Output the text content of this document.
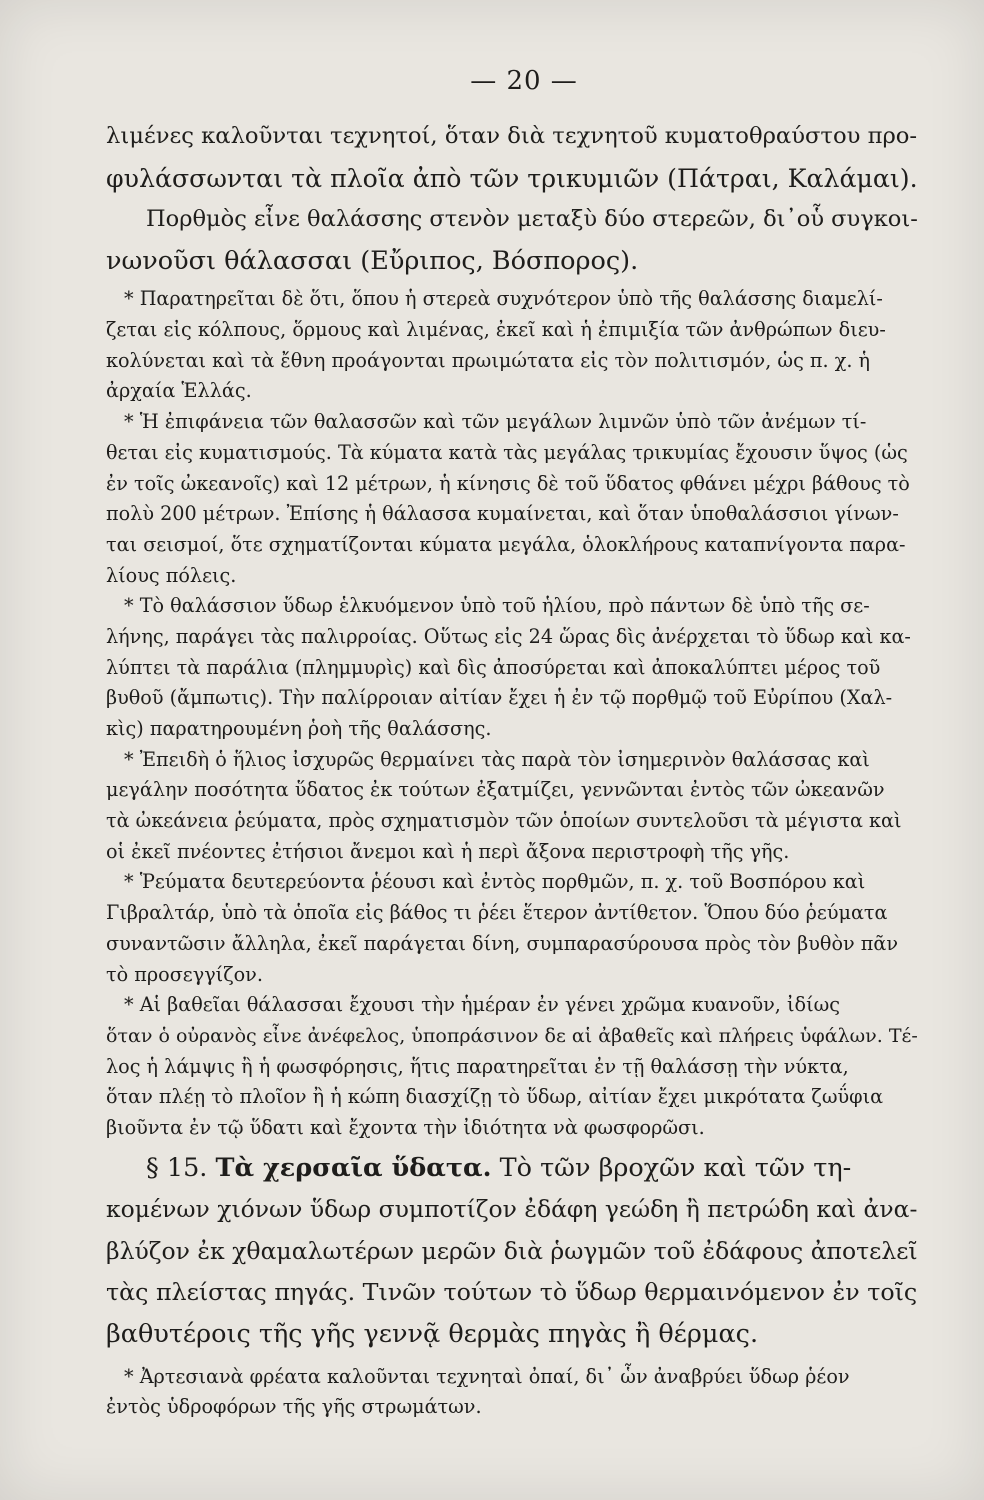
— 20 —
λιμένες καλοῦνται τεχνητοί, ὅταν διὰ τεχνητοῦ κυματοθραύστου προ-
φυλάσσωνται τὰ πλοῖα ἀπὸ τῶν τρικυμιῶν (Πάτραι, Καλάμαι).
Πορθμὸς εἶνε θαλάσσης στενὸν μεταξὺ δύο στερεῶν, δι᾽οὗ συγκοι-
νωνοῦσι θάλασσαι (Εὔριπος, Βόσπορος).
* Παρατηρεῖται δὲ ὅτι, ὅπου ἡ στερεὰ συχνότερον ὑπὸ τῆς θαλάσσης διαμελί-
ζεται εἰς κόλπους, ὅρμους καὶ λιμένας, ἐκεῖ καὶ ἡ ἐπιμιξία τῶν ἀνθρώπων διευ-
κολύνεται καὶ τὰ ἔθνη προάγονται πρωιμώτατα εἰς τὸν πολιτισμόν, ὡς π. χ. ἡ
ἀρχαία Ἑλλάς.
* Ἡ ἐπιφάνεια τῶν θαλασσῶν καὶ τῶν μεγάλων λιμνῶν ὑπὸ τῶν ἀνέμων τί-
θεται εἰς κυματισμούς. Τὰ κύματα κατὰ τὰς μεγάλας τρικυμίας ἔχουσιν ὕψος (ὡς
ἐν τοῖς ὠκεανοῖς) καὶ 12 μέτρων, ἡ κίνησις δὲ τοῦ ὕδατος φθάνει μέχρι βάθους τὸ
πολὺ 200 μέτρων. Ἐπίσης ἡ θάλασσα κυμαίνεται, καὶ ὅταν ὑποθαλάσσιοι γίνων-
ται σεισμοί, ὅτε σχηματίζονται κύματα μεγάλα, ὁλοκλήρους καταπνίγοντα παρα-
λίους πόλεις.
* Τὸ θαλάσσιον ὕδωρ ἑλκυόμενον ὑπὸ τοῦ ἡλίου, πρὸ πάντων δὲ ὑπὸ τῆς σε-
λήνης, παράγει τὰς παλιρροίας. Οὕτως εἰς 24 ὥρας δὶς ἀνέρχεται τὸ ὕδωρ καὶ κα-
λύπτει τὰ παράλια (πλημμυρὶς) καὶ δὶς ἀποσύρεται καὶ ἀποκαλύπτει μέρος τοῦ
βυθοῦ (ἄμπωτις). Τὴν παλίρροιαν αἰτίαν ἔχει ἡ ἐν τῷ πορθμῷ τοῦ Εὐρίπου (Χαλ-
κὶς) παρατηρουμένη ῥοὴ τῆς θαλάσσης.
* Ἐπειδὴ ὁ ἥλιος ἰσχυρῶς θερμαίνει τὰς παρὰ τὸν ἰσημερινὸν θαλάσσας καὶ
μεγάλην ποσότητα ὕδατος ἐκ τούτων ἐξατμίζει, γεννῶνται ἐντὸς τῶν ὠκεανῶν
τὰ ὠκεάνεια ῥεύματα, πρὸς σχηματισμὸν τῶν ὁποίων συντελοῦσι τὰ μέγιστα καὶ
οἱ ἐκεῖ πνέοντες ἐτήσιοι ἄνεμοι καὶ ἡ περὶ ἄξονα περιστροφὴ τῆς γῆς.
* Ῥεύματα δευτερεύοντα ῥέουσι καὶ ἐντὸς πορθμῶν, π. χ. τοῦ Βοσπόρου καὶ
Γιβραλτάρ, ὑπὸ τὰ ὁποῖα εἰς βάθος τι ῥέει ἕτερον ἀντίθετον. Ὅπου δύο ῥεύματα
συναντῶσιν ἄλληλα, ἐκεῖ παράγεται δίνη, συμπαρασύρουσα πρὸς τὸν βυθὸν πᾶν
τὸ προσεγγίζον.
* Αἱ βαθεῖαι θάλασσαι ἔχουσι τὴν ἡμέραν ἐν γένει χρῶμα κυανοῦν, ἰδίως
ὅταν ὁ οὐρανὸς εἶνε ἀνέφελος, ὑποπράσινον δε αἱ ἀβαθεῖς καὶ πλήρεις ὑφάλων. Τέ-
λος ἡ λάμψις ἢ ἡ φωσφόρησις, ἥτις παρατηρεῖται ἐν τῇ θαλάσσῃ τὴν νύκτα,
ὅταν πλέῃ τὸ πλοῖον ἢ ἡ κώπη διασχίζῃ τὸ ὕδωρ, αἰτίαν ἔχει μικρότατα ζωΰφια
βιοῦντα ἐν τῷ ὕδατι καὶ ἔχοντα τὴν ἰδιότητα νὰ φωσφορῶσι.
§ 15. Τὰ χερσαῖα ὕδατα. Τὸ τῶν βροχῶν καὶ τῶν τη-
κομένων χιόνων ὕδωρ συμποτίζον ἐδάφη γεώδη ἢ πετρώδη καὶ ἀνα-
βλύζον ἐκ χθαμαλωτέρων μερῶν διὰ ῥωγμῶν τοῦ ἐδάφους ἀποτελεῖ
τὰς πλείστας πηγάς. Τινῶν τούτων τὸ ὕδωρ θερμαινόμενον ἐν τοῖς
βαθυτέροις τῆς γῆς γεννᾷ θερμὰς πηγὰς ἢ θέρμας.
* Ἀρτεσιανὰ φρέατα καλοῦνται τεχνηταὶ ὀπαί, δι᾽ ὧν ἀναβρύει ὕδωρ ῥέον
ἐντὸς ὑδροφόρων τῆς γῆς στρωμάτων.
